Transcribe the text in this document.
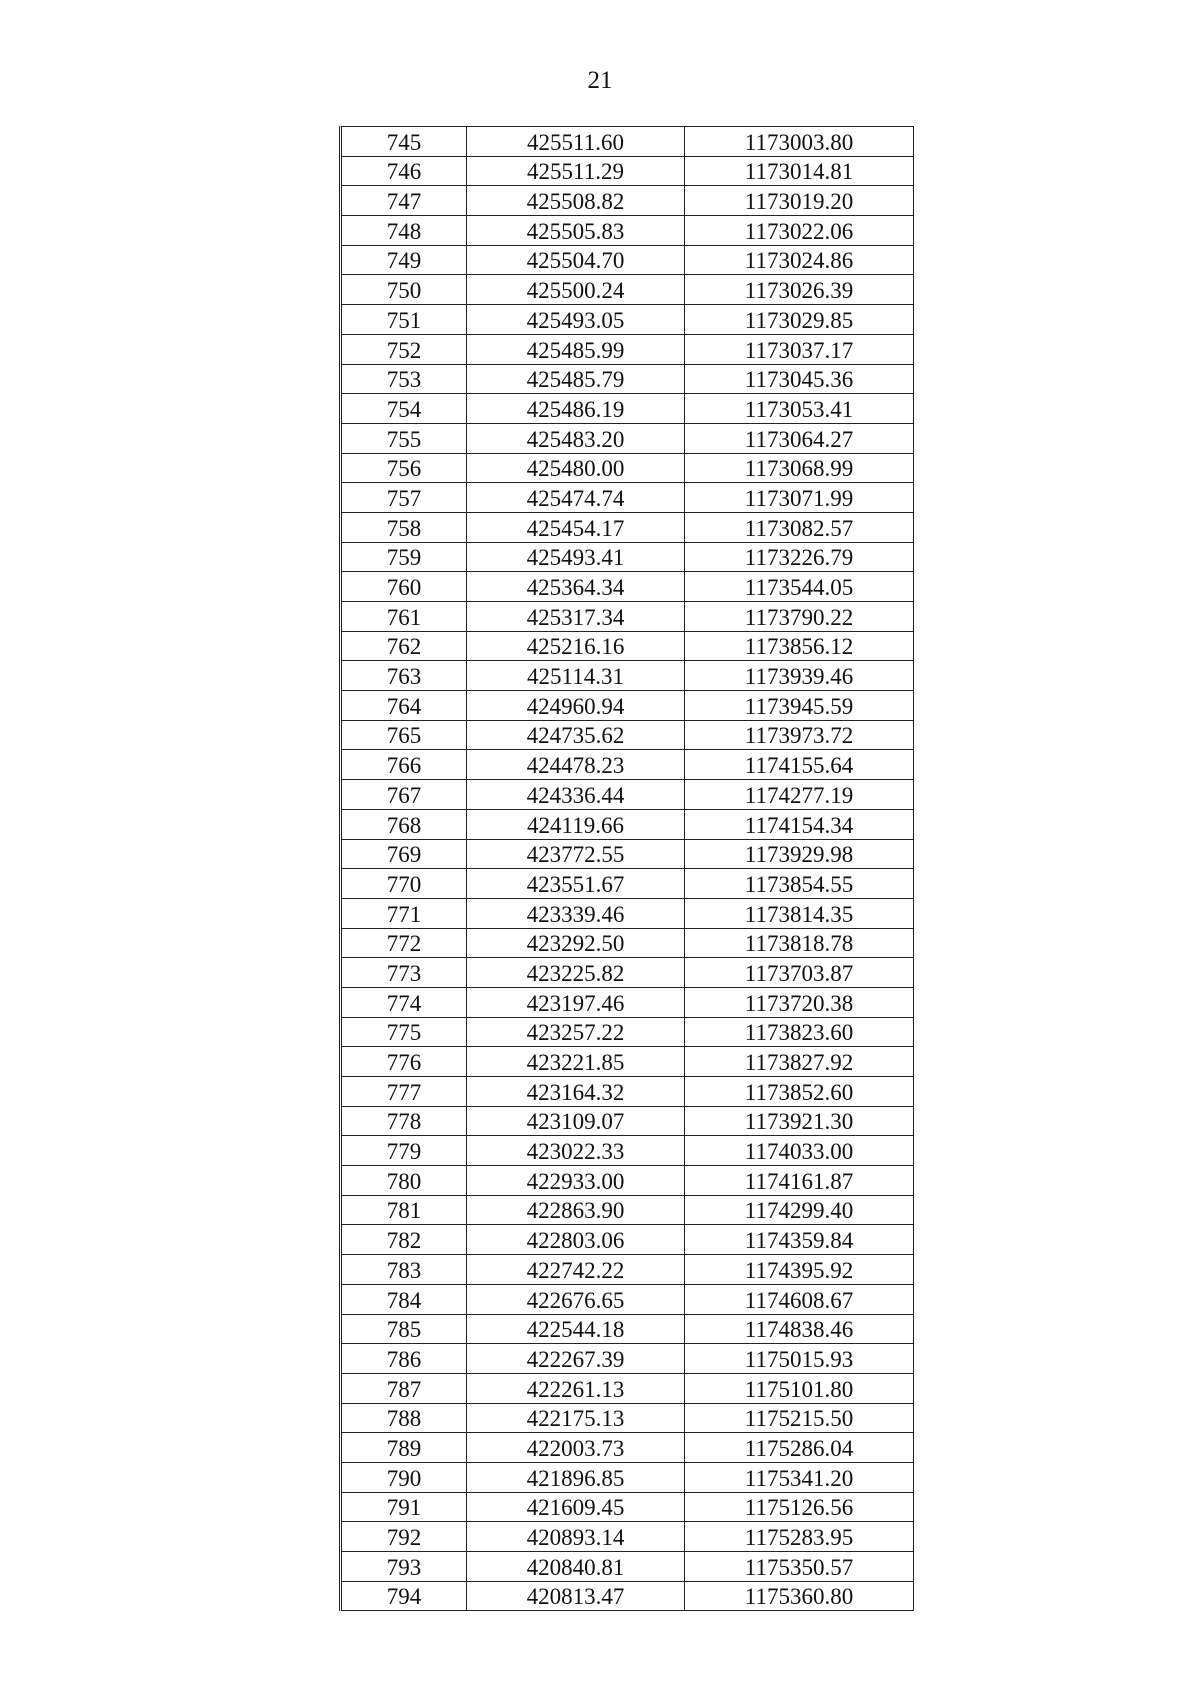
21
745	425511.60	1173003.80
746	425511.29	1173014.81
747	425508.82	1173019.20
748	425505.83	1173022.06
749	425504.70	1173024.86
750	425500.24	1173026.39
751	425493.05	1173029.85
752	425485.99	1173037.17
753	425485.79	1173045.36
754	425486.19	1173053.41
755	425483.20	1173064.27
756	425480.00	1173068.99
757	425474.74	1173071.99
758	425454.17	1173082.57
759	425493.41	1173226.79
760	425364.34	1173544.05
761	425317.34	1173790.22
762	425216.16	1173856.12
763	425114.31	1173939.46
764	424960.94	1173945.59
765	424735.62	1173973.72
766	424478.23	1174155.64
767	424336.44	1174277.19
768	424119.66	1174154.34
769	423772.55	1173929.98
770	423551.67	1173854.55
771	423339.46	1173814.35
772	423292.50	1173818.78
773	423225.82	1173703.87
774	423197.46	1173720.38
775	423257.22	1173823.60
776	423221.85	1173827.92
777	423164.32	1173852.60
778	423109.07	1173921.30
779	423022.33	1174033.00
780	422933.00	1174161.87
781	422863.90	1174299.40
782	422803.06	1174359.84
783	422742.22	1174395.92
784	422676.65	1174608.67
785	422544.18	1174838.46
786	422267.39	1175015.93
787	422261.13	1175101.80
788	422175.13	1175215.50
789	422003.73	1175286.04
790	421896.85	1175341.20
791	421609.45	1175126.56
792	420893.14	1175283.95
793	420840.81	1175350.57
794	420813.47	1175360.80
